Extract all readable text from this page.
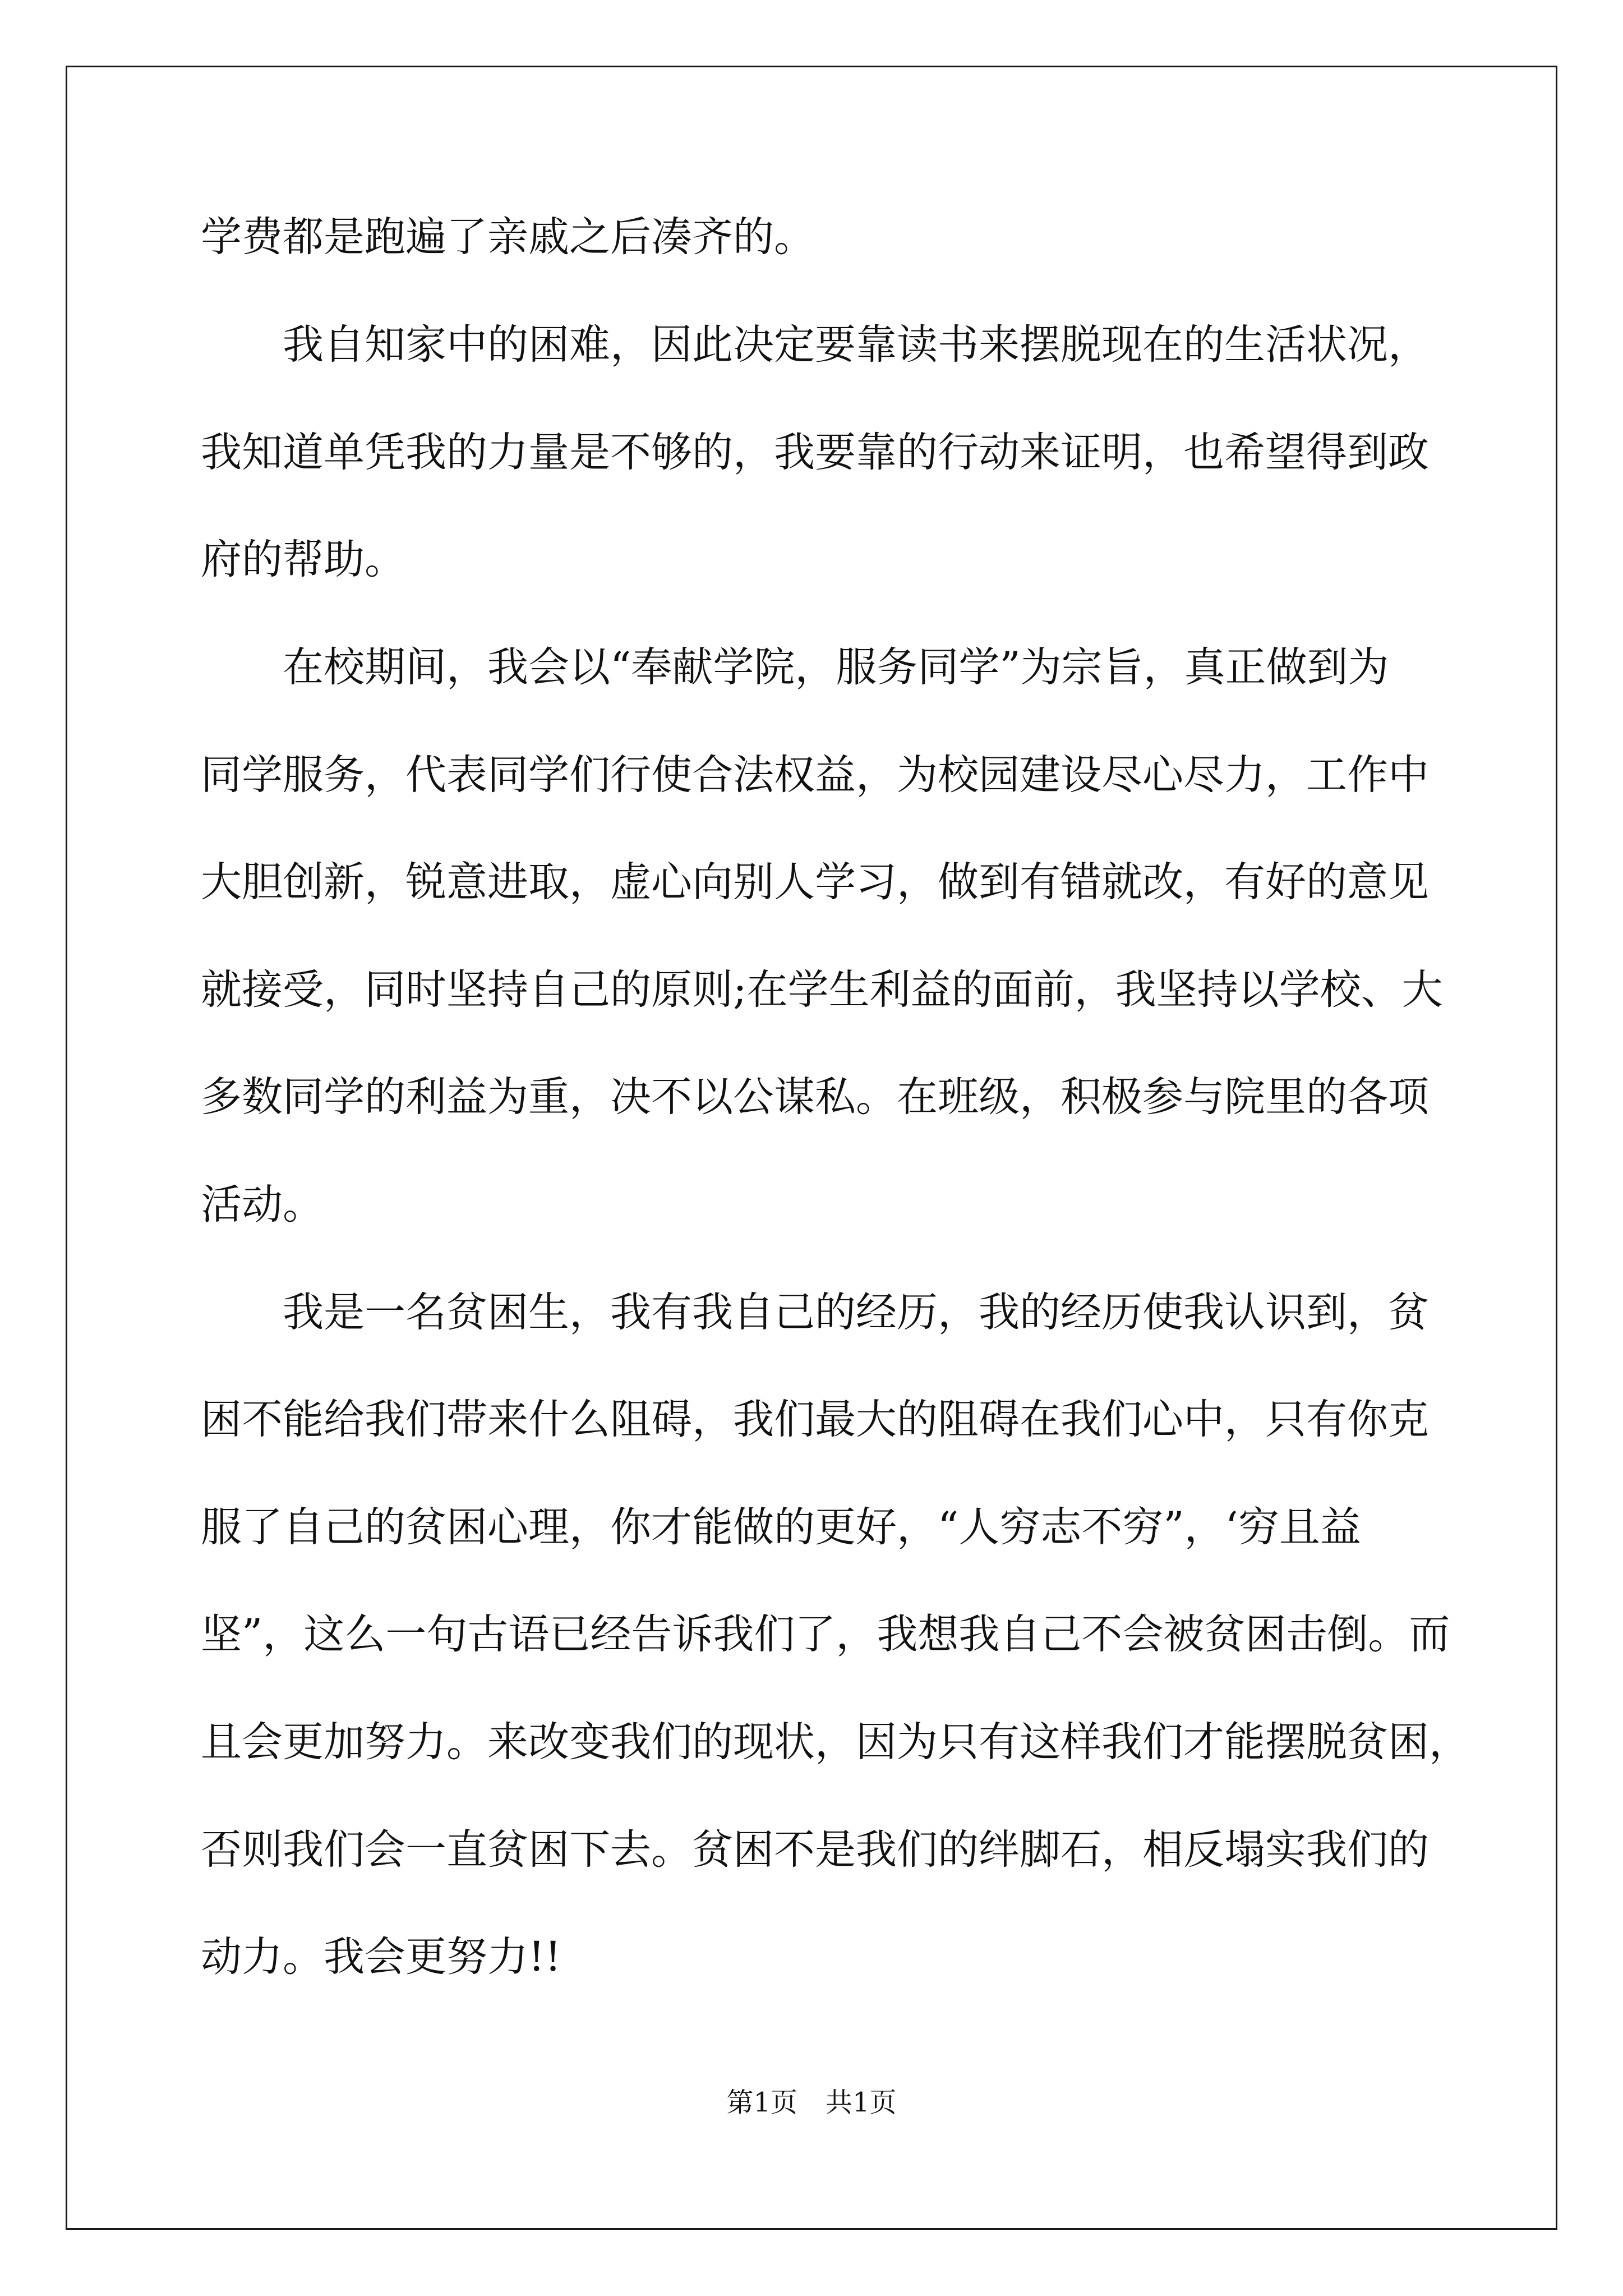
学费都是跑遍了亲戚之后凑齐的。
我自知家中的困难，因此决定要靠读书来摆脱现在的生活状况，
我知道单凭我的力量是不够的，我要靠的行动来证明，也希望得到政
府的帮助。
在校期间，我会以“奉献学院，服务同学”为宗旨，真正做到为
同学服务，代表同学们行使合法权益，为校园建设尽心尽力，工作中
大胆创新，锐意进取，虚心向别人学习，做到有错就改，有好的意见
就接受，同时坚持自己的原则;在学生利益的面前，我坚持以学校、大
多数同学的利益为重，决不以公谋私。在班级，积极参与院里的各项
活动。
我是一名贫困生，我有我自己的经历，我的经历使我认识到，贫
困不能给我们带来什么阻碍，我们最大的阻碍在我们心中，只有你克
服了自己的贫困心理，你才能做的更好，“人穷志不穷”，‘穷且益
坚”，这么一句古语已经告诉我们了，我想我自己不会被贫困击倒。而
且会更加努力。来改变我们的现状，因为只有这样我们才能摆脱贫困，
否则我们会一直贫困下去。贫困不是我们的绊脚石，相反塌实我们的
动力。我会更努力!!
第1页 共1页
